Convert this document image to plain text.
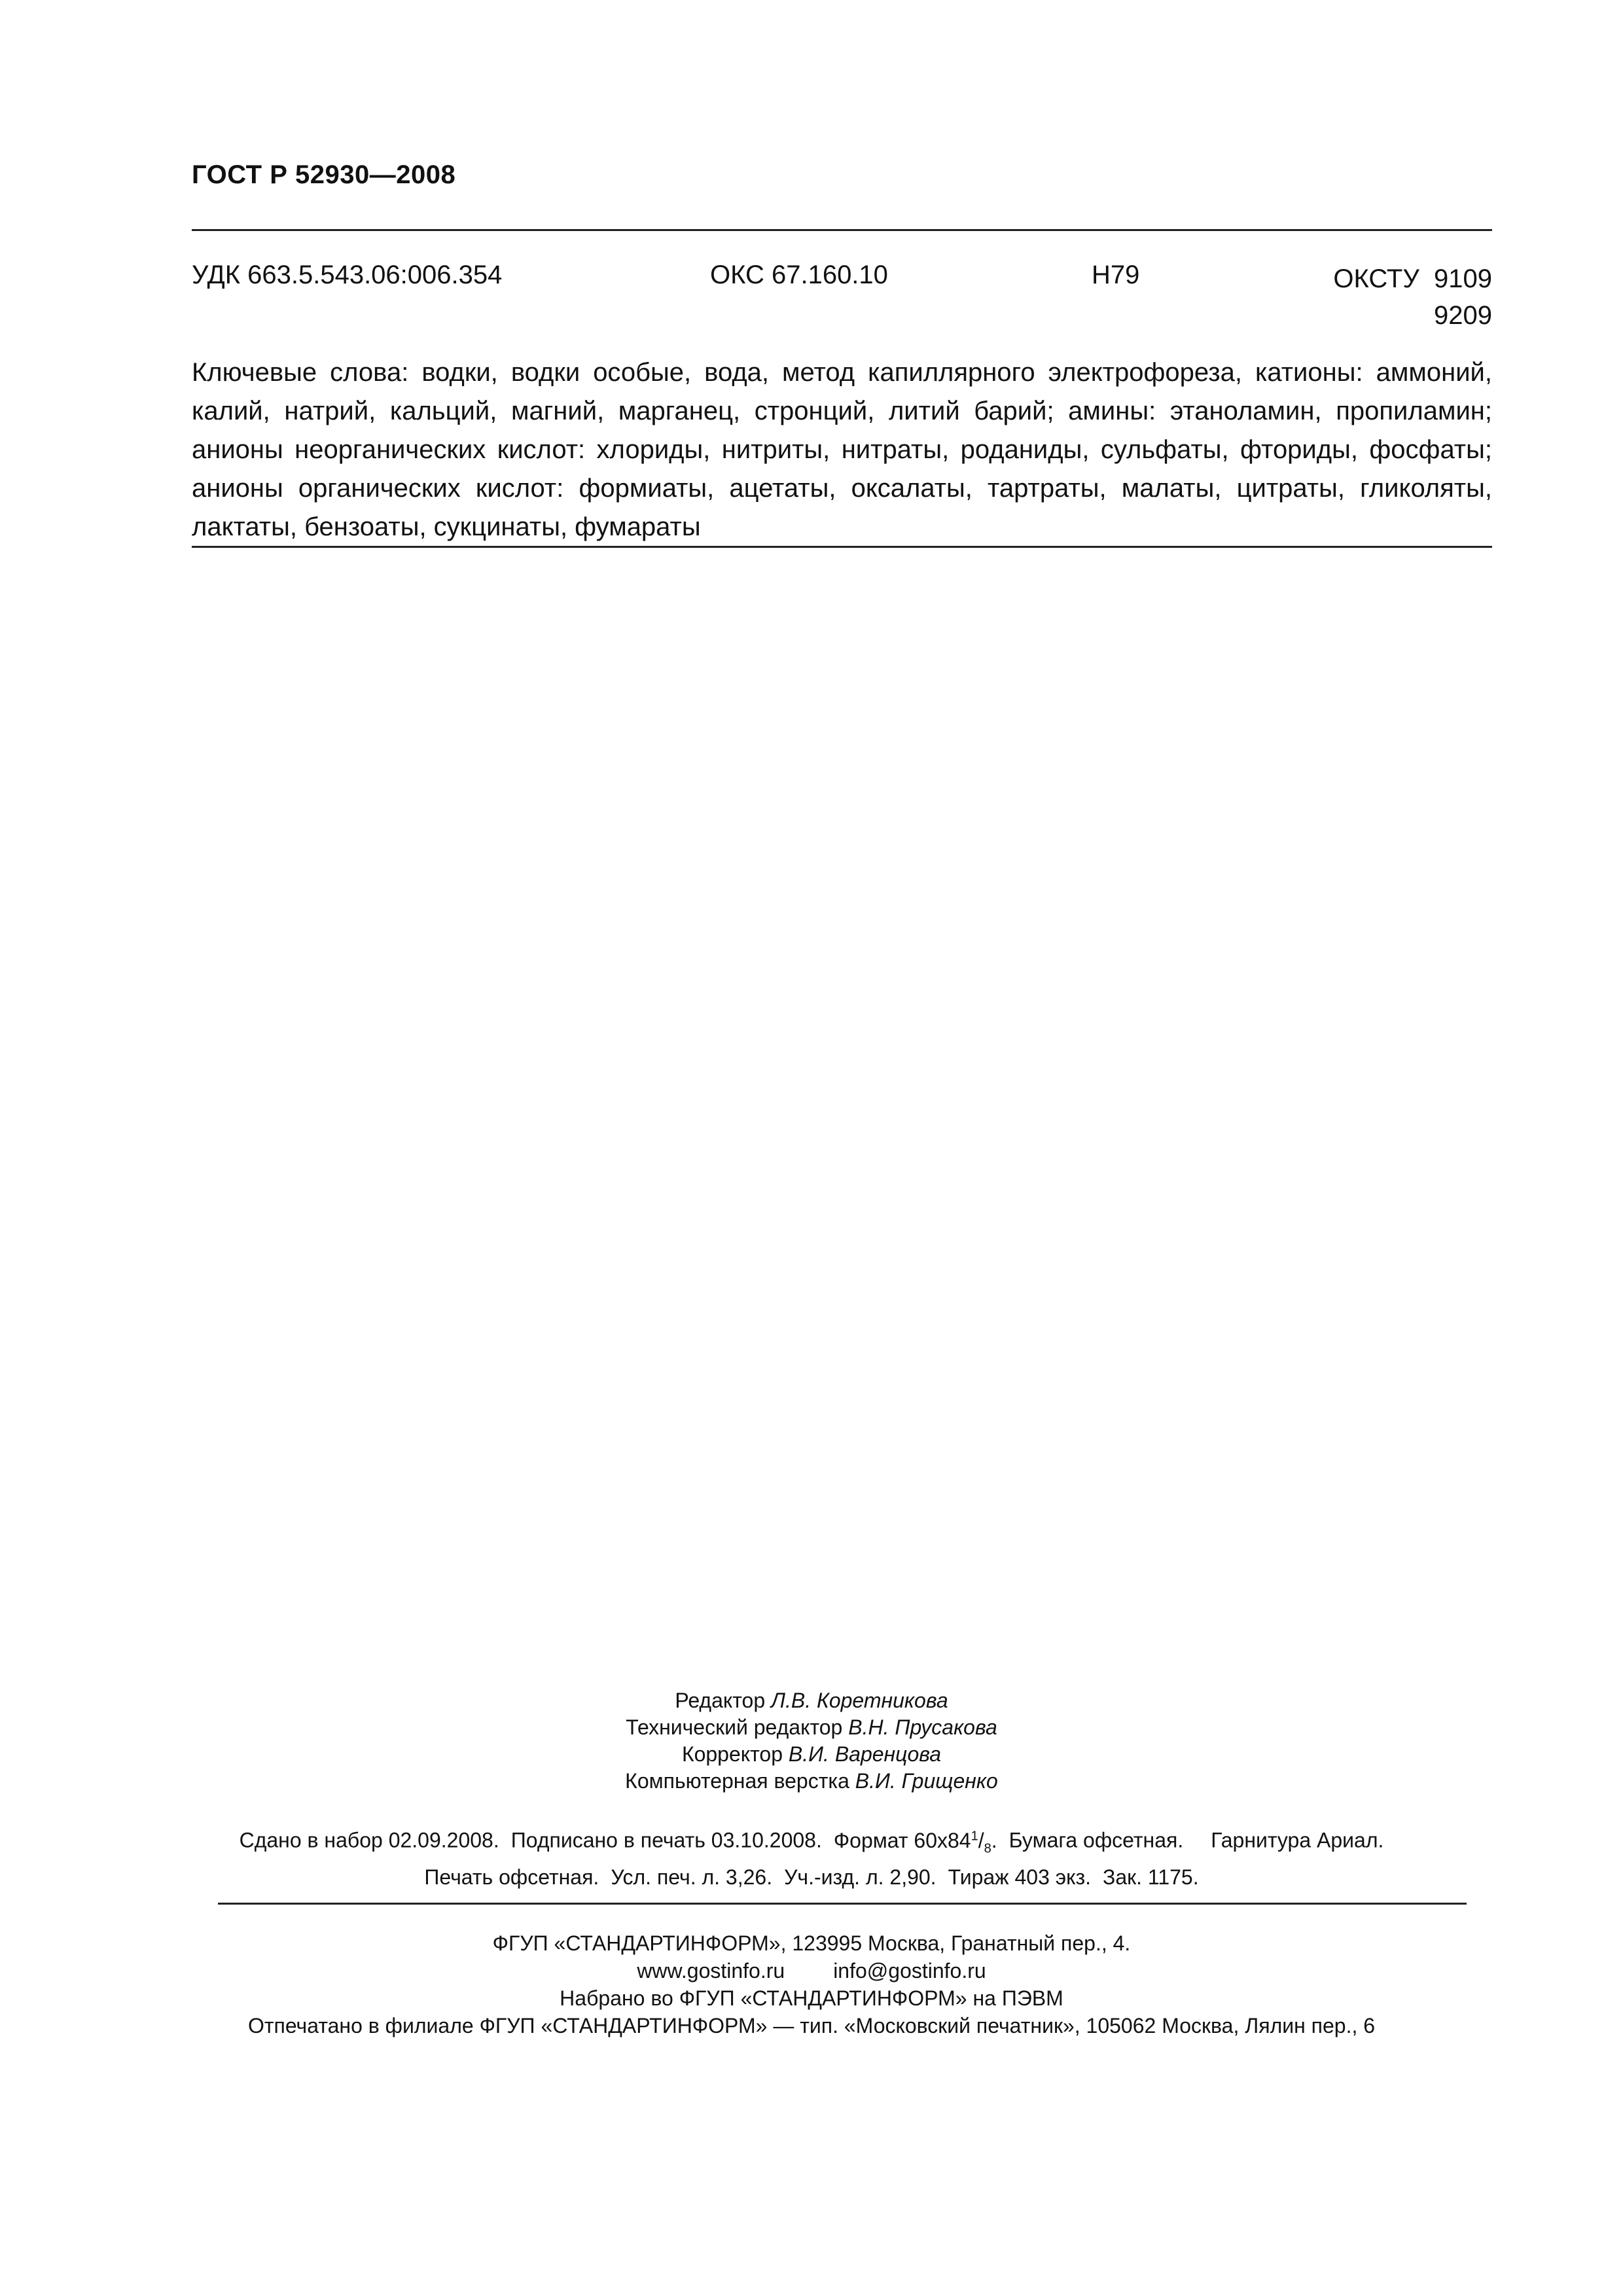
ГОСТ Р 52930—2008
УДК 663.5.543.06:006.354	ОКС 67.160.10	Н79	ОКСТУ 9109
9209
Ключевые слова: водки, водки особые, вода, метод капиллярного электрофореза, катионы: аммоний, калий, натрий, кальций, магний, марганец, стронций, литий барий; амины: этаноламин, пропиламин; анионы неорганических кислот: хлориды, нитриты, нитраты, роданиды, сульфаты, фториды, фосфаты; анионы органических кислот: формиаты, ацетаты, оксалаты, тартраты, малаты, цитраты, гликоляты, лактаты, бензоаты, сукцинаты, фумараты
Редактор Л.В. Коретникова
Технический редактор В.Н. Прусакова
Корректор В.И. Варенцова
Компьютерная верстка В.И. Грищенко
Сдано в набор 02.09.2008. Подписано в печать 03.10.2008. Формат $60х84^1/_8$. Бумага офсетная. Гарнитура Ариал.
Печать офсетная. Усл. печ. л. 3,26. Уч.-изд. л. 2,90. Тираж 403 экз. Зак. 1175.
ФГУП «СТАНДАРТИНФОРМ», 123995 Москва, Гранатный пер., 4.
www.gostinfo.ru info@gostinfo.ru
Набрано во ФГУП «СТАНДАРТИНФОРМ» на ПЭВМ
Отпечатано в филиале ФГУП «СТАНДАРТИНФОРМ» — тип. «Московский печатник», 105062 Москва, Лялин пер., 6
